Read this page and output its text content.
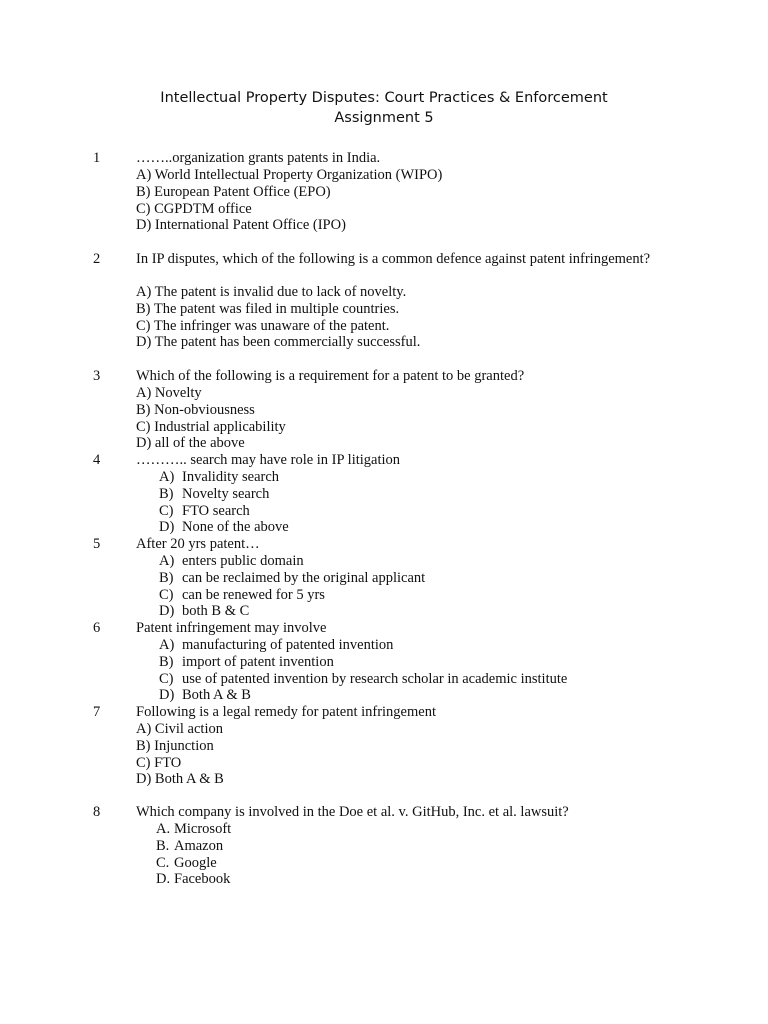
Intellectual Property Disputes: Court Practices & Enforcement
Assignment 5
1 ……..organization grants patents in India.

A) World Intellectual Property Organization (WIPO)
B) European Patent Office (EPO)
C) CGPDTM office
D) International Patent Office (IPO)
2 In IP disputes, which of the following is a common defence against patent infringement?

A) The patent is invalid due to lack of novelty.
B) The patent was filed in multiple countries.
C) The infringer was unaware of the patent.
D) The patent has been commercially successful.
3 Which of the following is a requirement for a patent to be granted?

A) Novelty
B) Non-obviousness
C) Industrial applicability
D) all of the above
4 ……….. search may have role in IP litigation

A) Invalidity search
B) Novelty search
C) FTO search
D) None of the above
5 After 20 yrs patent…

A) enters public domain
B) can be reclaimed by the original applicant
C) can be renewed for 5 yrs
D) both B & C
6 Patent infringement may involve

A) manufacturing of patented invention
B) import of patent invention
C) use of patented invention by research scholar in academic institute
D) Both A & B
7 Following is a legal remedy for patent infringement

A) Civil action
B) Injunction
C) FTO
D) Both A & B
8 Which company is involved in the Doe et al. v. GitHub, Inc. et al. lawsuit?

A. Microsoft
B. Amazon
C. Google
D. Facebook
